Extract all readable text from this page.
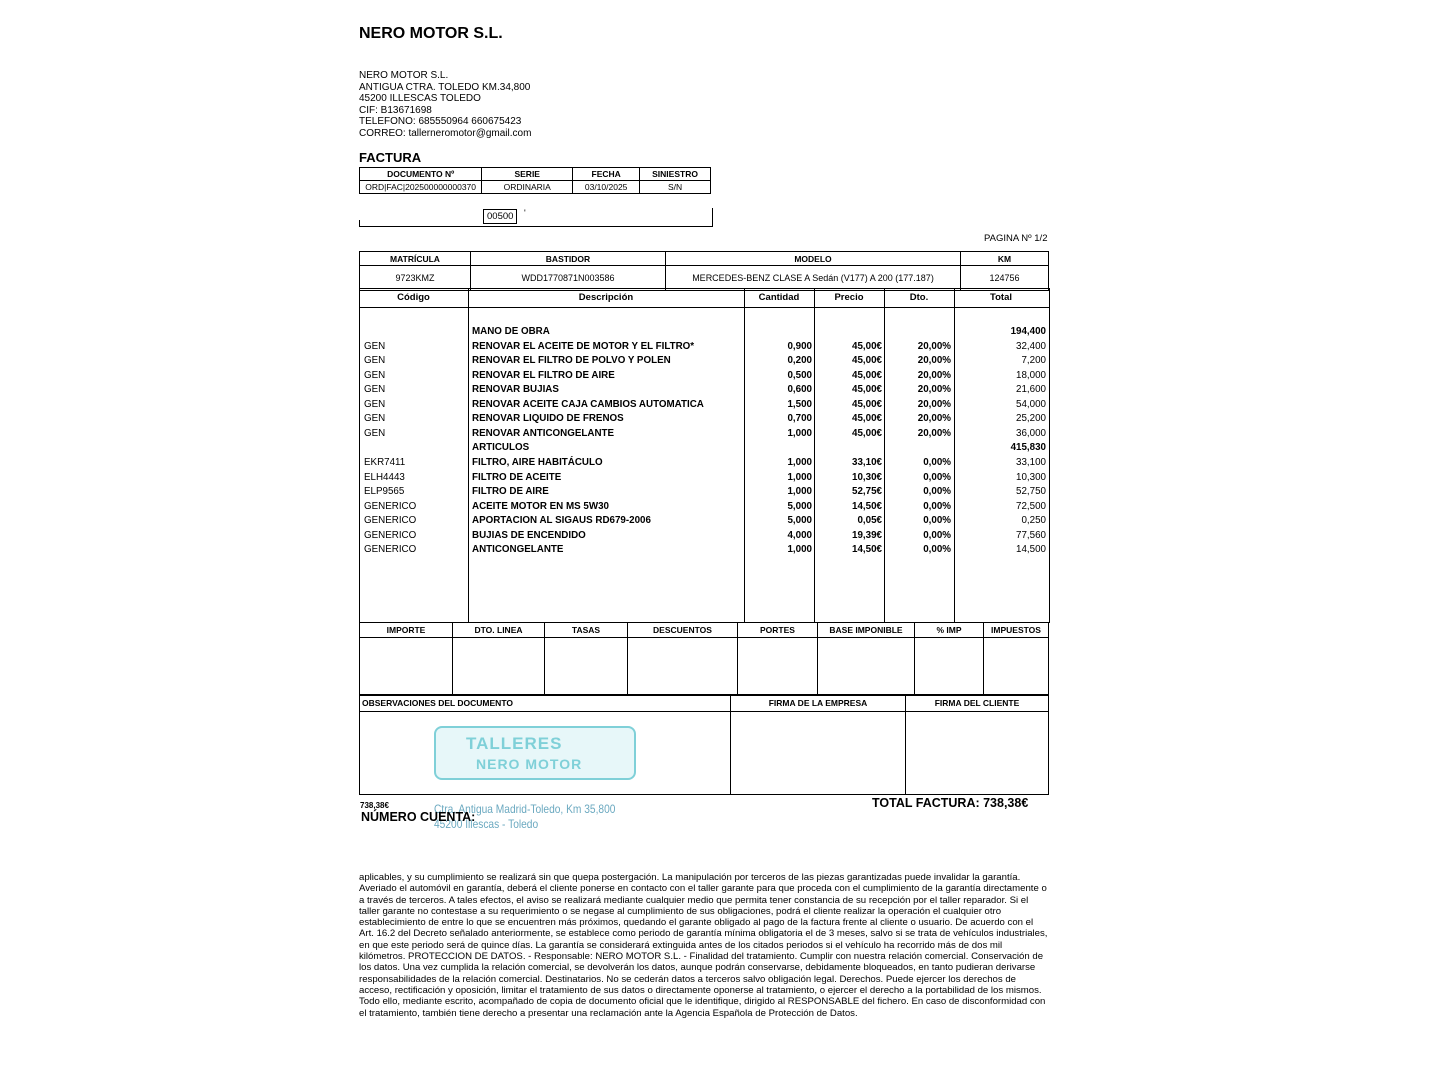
NERO MOTOR S.L.
NERO MOTOR S.L.
ANTIGUA CTRA. TOLEDO KM.34,800
45200 ILLESCAS TOLEDO
CIF: B13671698
TELEFONO: 685550964 660675423
CORREO: tallerneromotor@gmail.com
FACTURA
DOCUMENTO Nº	SERIE	FECHA	SINIESTRO
ORD|FAC|202500000000370	ORDINARIA	03/10/2025	S/N
00500	'
PAGINA Nº 1/2
MATRÍCULA	BASTIDOR	MODELO	KM
9723KMZ	WDD1770871N003586	MERCEDES-BENZ CLASE A Sedán (V177) A 200 (177.187)	124756
Código	Descripción	Cantidad	Precio	Dto.	Total
MANO DE OBRA	194,400
GEN	RENOVAR EL ACEITE DE MOTOR Y EL FILTRO*	0,900	45,00€	20,00%	32,400
GEN	RENOVAR EL FILTRO DE POLVO Y POLEN	0,200	45,00€	20,00%	7,200
GEN	RENOVAR EL FILTRO DE AIRE	0,500	45,00€	20,00%	18,000
GEN	RENOVAR BUJIAS	0,600	45,00€	20,00%	21,600
GEN	RENOVAR ACEITE CAJA CAMBIOS AUTOMATICA	1,500	45,00€	20,00%	54,000
GEN	RENOVAR LIQUIDO DE FRENOS	0,700	45,00€	20,00%	25,200
GEN	RENOVAR ANTICONGELANTE	1,000	45,00€	20,00%	36,000
ARTICULOS	415,830
EKR7411	FILTRO, AIRE HABITÁCULO	1,000	33,10€	0,00%	33,100
ELH4443	FILTRO DE ACEITE	1,000	10,30€	0,00%	10,300
ELP9565	FILTRO DE AIRE	1,000	52,75€	0,00%	52,750
GENERICO	ACEITE MOTOR EN MS 5W30	5,000	14,50€	0,00%	72,500
GENERICO	APORTACION AL SIGAUS RD679-2006	5,000	0,05€	0,00%	0,250
GENERICO	BUJIAS DE ENCENDIDO	4,000	19,39€	0,00%	77,560
GENERICO	ANTICONGELANTE	1,000	14,50€	0,00%	14,500
IMPORTE	DTO. LINEA	TASAS	DESCUENTOS	PORTES	BASE IMPONIBLE	% IMP	IMPUESTOS

OBSERVACIONES DEL DOCUMENTO	FIRMA DE LA EMPRESA	FIRMA DEL CLIENTE

TALLERES
NERO MOTOR
Ctra. Antigua Madrid-Toledo, Km 35,800
45200 Illescas - Toledo
738,38€
NÚMERO CUENTA:
TOTAL FACTURA: 738,38€
aplicables, y su cumplimiento se realizará sin que quepa postergación. La manipulación por terceros de las piezas garantizadas puede invalidar la garantía. Averiado el automóvil en garantía, deberá el cliente ponerse en contacto con el taller garante para que proceda con el cumplimiento de la garantía directamente o a través de terceros. A tales efectos, el aviso se realizará mediante cualquier medio que permita tener constancia de su recepción por el taller reparador. Si el taller garante no contestase a su requerimiento o se negase al cumplimiento de sus obligaciones, podrá el cliente realizar la operación el cualquier otro establecimiento de entre lo que se encuentren más próximos, quedando el garante obligado al pago de la factura frente al cliente o usuario. De acuerdo con el Art. 16.2 del Decreto señalado anteriormente, se establece como periodo de garantía mínima obligatoria el de 3 meses, salvo si se trata de vehículos industriales, en que este periodo será de quince días. La garantía se considerará extinguida antes de los citados periodos si el vehículo ha recorrido más de dos mil kilómetros. PROTECCION DE DATOS. - Responsable: NERO MOTOR S.L. - Finalidad del tratamiento. Cumplir con nuestra relación comercial. Conservación de los datos. Una vez cumplida la relación comercial, se devolverán los datos, aunque podrán conservarse, debidamente bloqueados, en tanto pudieran derivarse responsabilidades de la relación comercial. Destinatarios. No se cederán datos a terceros salvo obligación legal. Derechos. Puede ejercer los derechos de acceso, rectificación y oposición, limitar el tratamiento de sus datos o directamente oponerse al tratamiento, o ejercer el derecho a la portabilidad de los mismos. Todo ello, mediante escrito, acompañado de copia de documento oficial que le identifique, dirigido al RESPONSABLE del fichero. En caso de disconformidad con el tratamiento, también tiene derecho a presentar una reclamación ante la Agencia Española de Protección de Datos.
